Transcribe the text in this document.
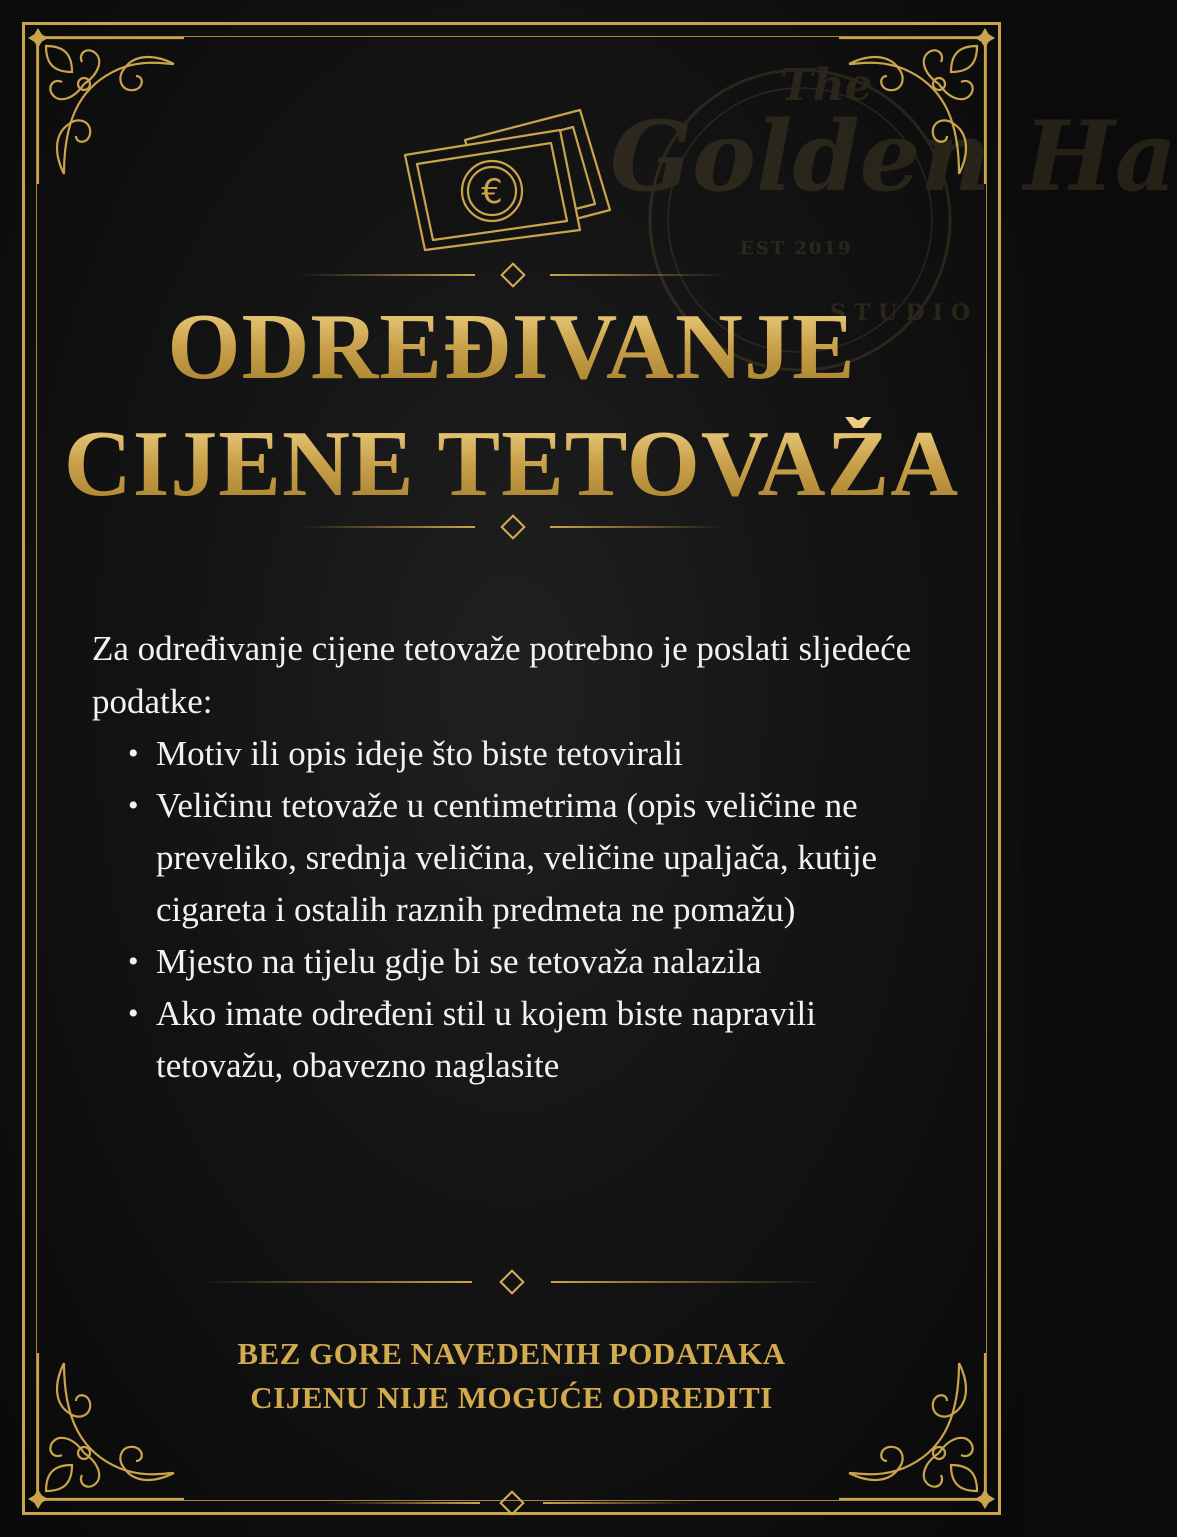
The
Golden Ha
EST 2019
€
ODREĐIVANJE
CIJENE TETOVAŽA

Za određivanje cijene tetovaže potrebno je poslati sljedeće podatke:

• Motiv ili opis ideje što biste tetovirali
• Veličinu tetovaže u centimetrima (opis veličine ne preveliko, srednja veličina, veličine upaljača, kutije cigareta i ostalih raznih predmeta ne pomažu)
• Mjesto na tijelu gdje bi se tetovaža nalazila
• Ako imate određeni stil u kojem biste napravili tetovažu, obavezno naglasite
BEZ GORE NAVEDENIH PODATAKA
CIJENU NIJE MOGUĆE ODREDITI
